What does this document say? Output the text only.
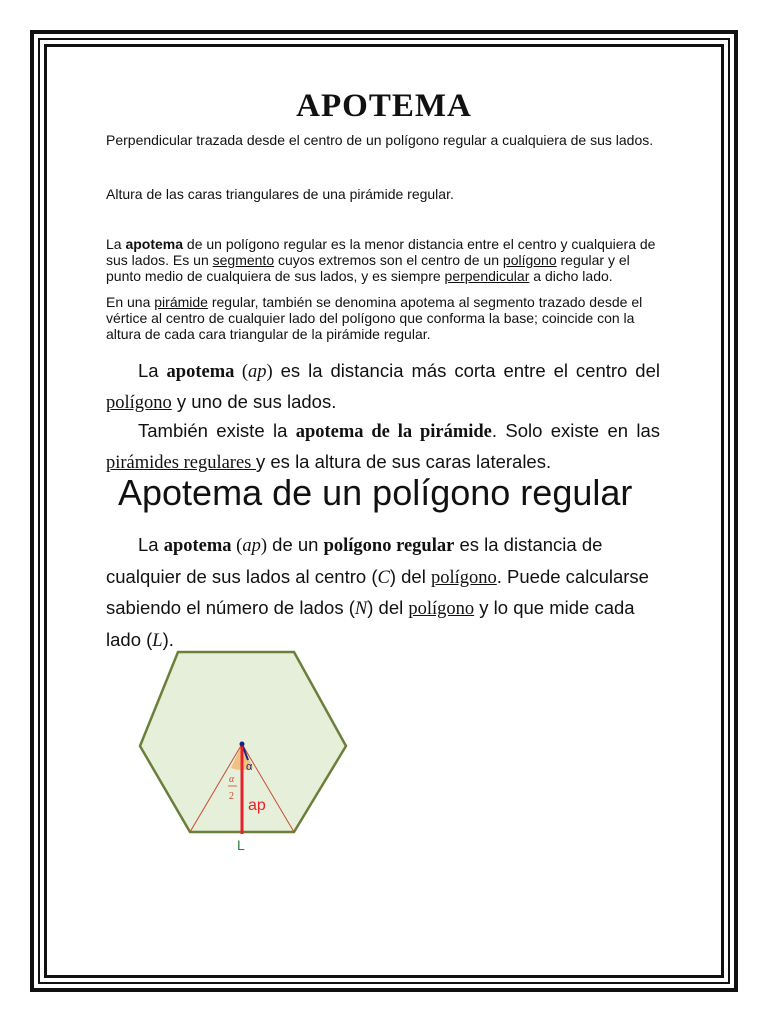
APOTEMA

Perpendicular trazada desde el centro de un polígono regular a cualquiera de sus lados.

Altura de las caras triangulares de una pirámide regular.

La apotema de un polígono regular es la menor distancia entre el centro y cualquiera de sus lados. Es un segmento cuyos extremos son el centro de un polígono regular y el punto medio de cualquiera de sus lados, y es siempre perpendicular a dicho lado.

En una pirámide regular, también se denomina apotema al segmento trazado desde el vértice al centro de cualquier lado del polígono que conforma la base; coincide con la altura de cada cara triangular de la pirámide regular.

La apotema (ap) es la distancia más corta entre el centro del polígono y uno de sus lados.

También existe la apotema de la pirámide. Solo existe en las pirámides regulares y es la altura de sus caras laterales.

Apotema de un polígono regular

La apotema (ap) de un polígono regular es la distancia de cualquier de sus lados al centro (C) del polígono. Puede calcularse sabiendo el número de lados (N) del polígono y lo que mide cada lado (L).

α
α
2
ap
L
